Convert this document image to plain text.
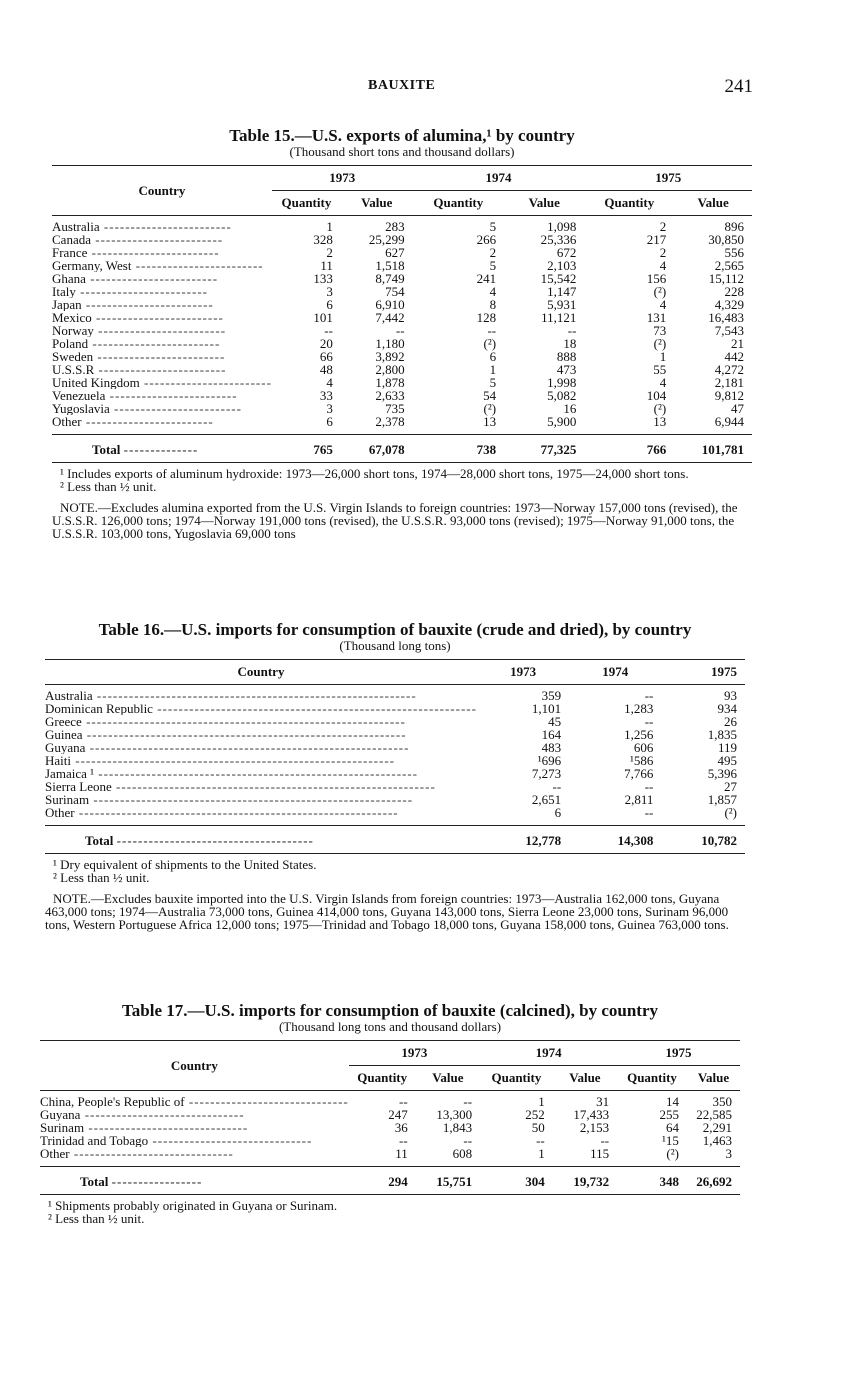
BAUXITE	241
Table 15.—U.S. exports of alumina,¹ by country
(Thousand short tons and thousand dollars)
Country	1973		1974		1975	
	Quantity	Value	Quantity	Value	Quantity	Value
Australia ------------------------	1	283	5	1,098	2	896
Canada ------------------------	328	25,299	266	25,336	217	30,850
France ------------------------	2	627	2	672	2	556
Germany, West ------------------------	11	1,518	5	2,103	4	2,565
Ghana ------------------------	133	8,749	241	15,542	156	15,112
Italy ------------------------	3	754	4	1,147	(²)	228
Japan ------------------------	6	6,910	8	5,931	4	4,329
Mexico ------------------------	101	7,442	128	11,121	131	16,483
Norway ------------------------	--	--	--	--	73	7,543
Poland ------------------------	20	1,180	(²)	18	(²)	21
Sweden ------------------------	66	3,892	6	888	1	442
U.S.S.R ------------------------	48	2,800	1	473	55	4,272
United Kingdom ------------------------	4	1,878	5	1,998	4	2,181
Venezuela ------------------------	33	2,633	54	5,082	104	9,812
Yugoslavia ------------------------	3	735	(²)	16	(²)	47
Other ------------------------	6	2,378	13	5,900	13	6,944
Total --------------	765	67,078	738	77,325	766	101,781

¹ Includes exports of aluminum hydroxide: 1973—26,000 short tons, 1974—28,000 short tons, 1975—24,000 short tons.

² Less than ½ unit.

NOTE.—Excludes alumina exported from the U.S. Virgin Islands to foreign countries: 1973—Norway 157,000 tons (revised), the U.S.S.R. 126,000 tons; 1974—Norway 191,000 tons (revised), the U.S.S.R. 93,000 tons (revised); 1975—Norway 91,000 tons, the U.S.S.R. 103,000 tons, Yugoslavia 69,000 tons

Table 16.—U.S. imports for consumption of bauxite (crude and dried), by country
(Thousand long tons)
Country	1973	1974	1975
Australia ------------------------------------------------------------	359	--	93
Dominican Republic ------------------------------------------------------------	1,101	1,283	934
Greece ------------------------------------------------------------	45	--	26
Guinea ------------------------------------------------------------	164	1,256	1,835
Guyana ------------------------------------------------------------	483	606	119
Haiti ------------------------------------------------------------	¹696	¹586	495
Jamaica ¹ ------------------------------------------------------------	7,273	7,766	5,396
Sierra Leone ------------------------------------------------------------	--	--	27
Surinam ------------------------------------------------------------	2,651	2,811	1,857
Other ------------------------------------------------------------	6	--	(²)
Total -------------------------------------	12,778	14,308	10,782

¹ Dry equivalent of shipments to the United States.

² Less than ½ unit.

NOTE.—Excludes bauxite imported into the U.S. Virgin Islands from foreign countries: 1973—Australia 162,000 tons, Guyana 463,000 tons; 1974—Australia 73,000 tons, Guinea 414,000 tons, Guyana 143,000 tons, Sierra Leone 23,000 tons, Surinam 96,000 tons, Western Portuguese Africa 12,000 tons; 1975—Trinidad and Tobago 18,000 tons, Guyana 158,000 tons, Guinea 763,000 tons.

Table 17.—U.S. imports for consumption of bauxite (calcined), by country
(Thousand long tons and thousand dollars)
Country	1973		1974		1975	
	Quantity	Value	Quantity	Value	Quantity	Value
China, People's Republic of ------------------------------	--	--	1	31	14	350
Guyana ------------------------------	247	13,300	252	17,433	255	22,585
Surinam ------------------------------	36	1,843	50	2,153	64	2,291
Trinidad and Tobago ------------------------------	--	--	--	--	¹15	1,463
Other ------------------------------	11	608	1	115	(²)	3
Total -----------------	294	15,751	304	19,732	348	26,692

¹ Shipments probably originated in Guyana or Surinam.

² Less than ½ unit.
